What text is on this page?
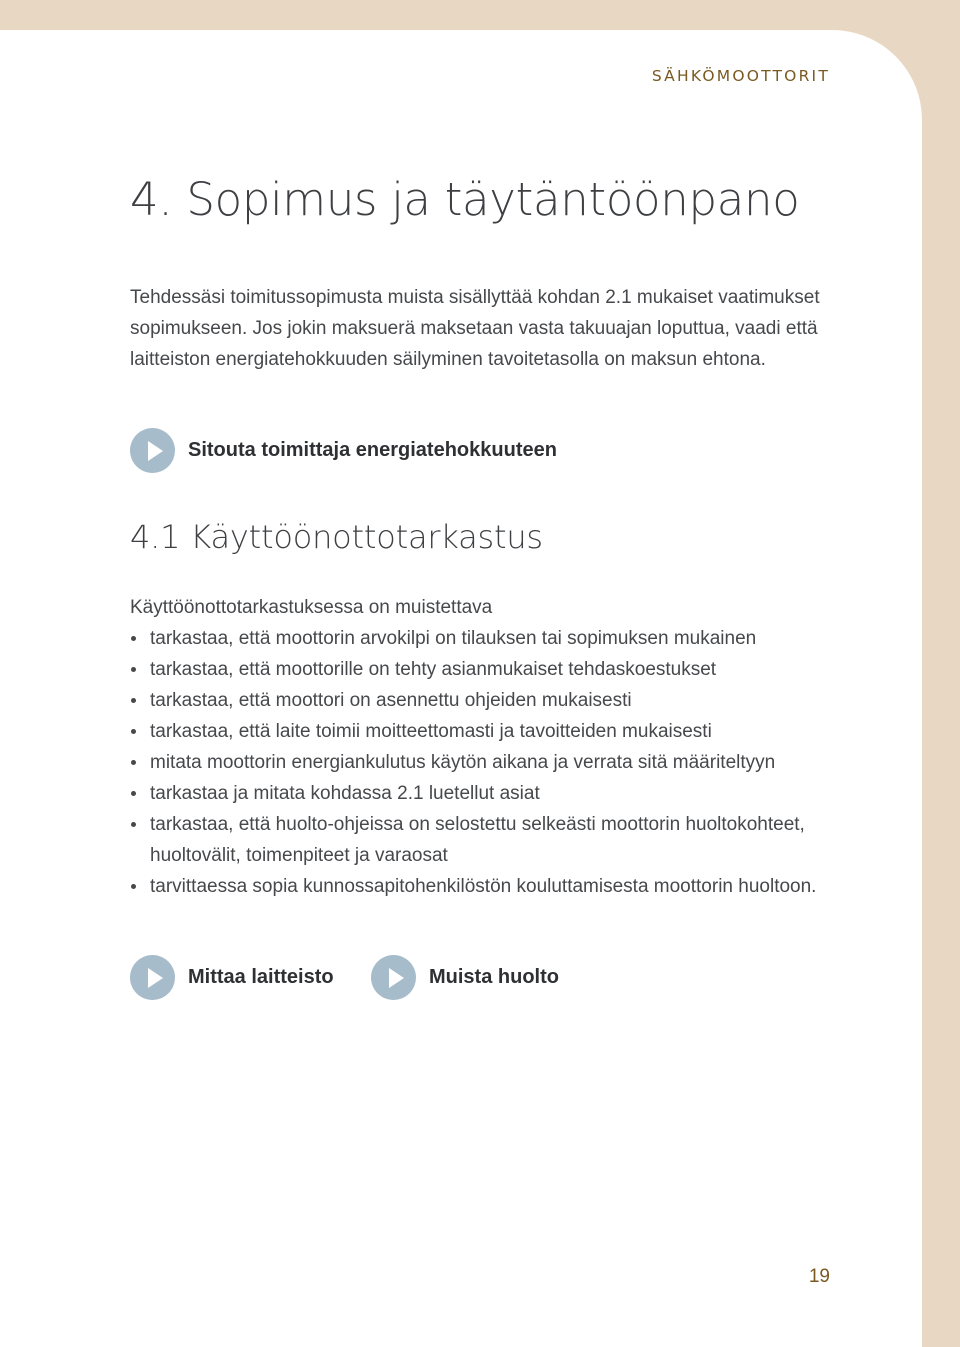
SÄHKÖMOOTTORIT
4. Sopimus ja täytäntöönpano

Tehdessäsi toimitussopimusta muista sisällyttää kohdan 2.1 mukaiset vaatimukset sopimukseen. Jos jokin maksuerä maksetaan vasta takuuajan loputtua, vaadi että laitteiston energiatehokkuuden säilyminen tavoitetasolla on maksun ehtona.

Sitouta toimittaja energiatehokkuuteen
4.1 Käyttöönottotarkastus

Käyttöönottotarkastuksessa on muistettava

tarkastaa, että moottorin arvokilpi on tilauksen tai sopimuksen mukainen
tarkastaa, että moottorille on tehty asianmukaiset tehdaskoestukset
tarkastaa, että moottori on asennettu ohjeiden mukaisesti
tarkastaa, että laite toimii moitteettomasti ja tavoitteiden mukaisesti
mitata moottorin energiankulutus käytön aikana ja verrata sitä määriteltyyn
tarkastaa ja mitata kohdassa 2.1 luetellut asiat
tarkastaa, että huolto-ohjeissa on selostettu selkeästi moottorin huoltokohteet, huoltovälit, toimenpiteet ja varaosat
tarvittaessa sopia kunnossapitohenkilöstön kouluttamisesta moottorin huoltoon.
Mittaa laitteisto	Muista huolto
19
